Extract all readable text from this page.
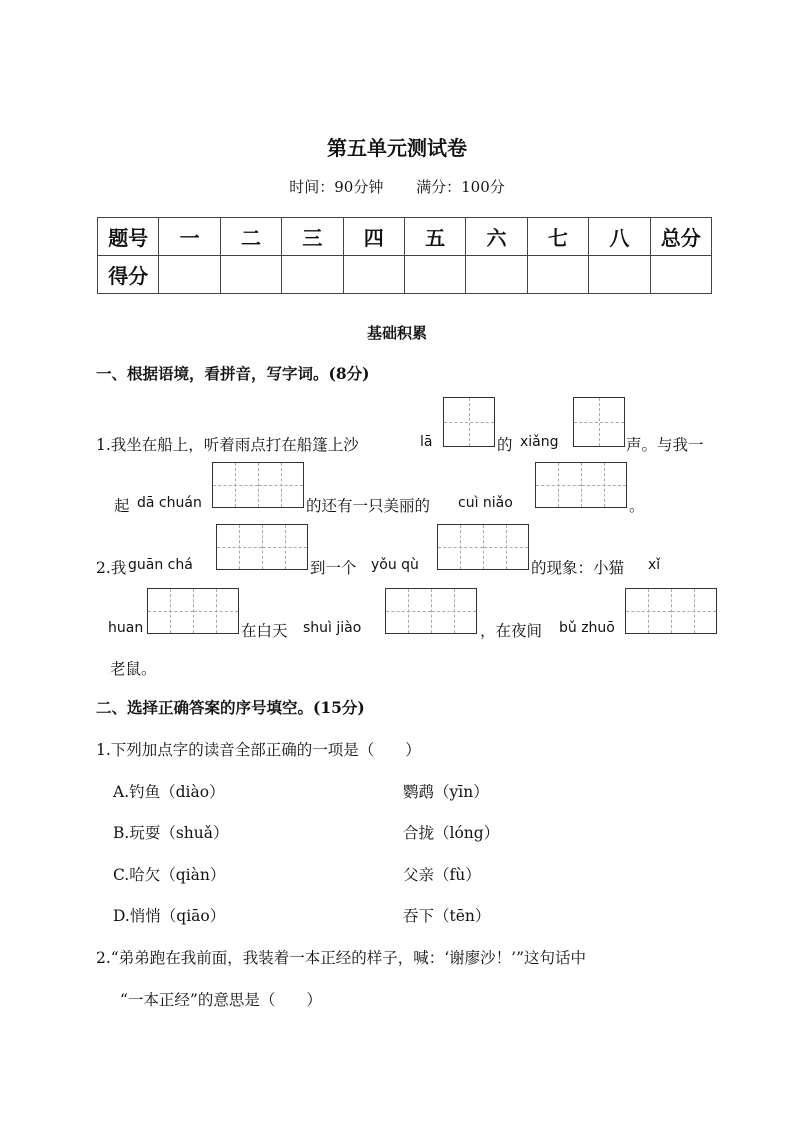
第五单元测试卷
时间：90分钟 满分：100分
题号	一	二	三	四	五	六	七	八	总分
得分									
基础积累
一、根据语境，看拼音，写字词。(8分)
1.我坐在船上，听着雨点打在船篷上沙	lā	的 xiǎng	声。与我一
起 dā chuán	的还有一只美丽的 cuì niǎo	。
2.我 guān chá	到一个 yǒu qù	的现象：小猫 xǐ
huan	在白天 shuì jiào	，在夜间 bǔ zhuō
老鼠。
二、选择正确答案的序号填空。(15分)
1.下列加点字的读音全部正确的一项是（　　）
A.钓鱼（diào）	鹦鹉（yīn）
B.玩耍（shuǎ）	合拢（lóng）
C.哈欠（qiàn）	父亲（fù）
D.悄悄（qiāo）	吞下（tēn）
2.“弟弟跑在我前面，我装着一本正经的样子，喊：‘谢廖沙！’”这句话中
“一本正经”的意思是（　　）
